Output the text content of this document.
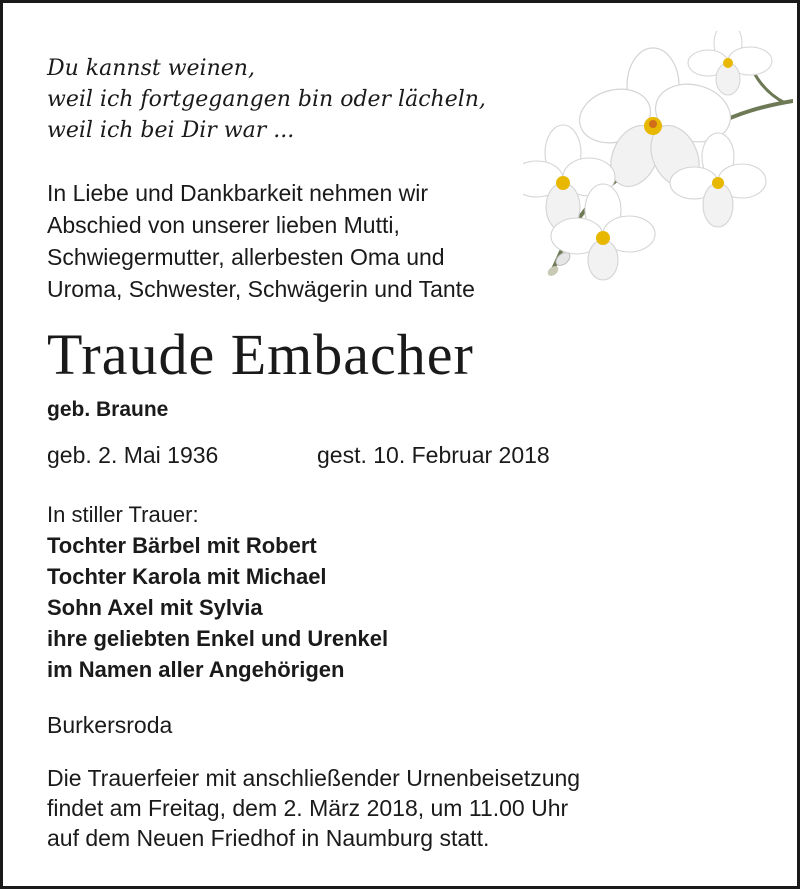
Du kannst weinen,
weil ich fortgegangen bin oder lächeln,
weil ich bei Dir war ...
In Liebe und Dankbarkeit nehmen wir
Abschied von unserer lieben Mutti,
Schwiegermutter, allerbesten Oma und
Uroma, Schwester, Schwägerin und Tante
Traude Embacher
geb. Braune
geb. 2. Mai 1936	gest. 10. Februar 2018
In stiller Trauer:
Tochter Bärbel mit Robert
Tochter Karola mit Michael
Sohn Axel mit Sylvia
ihre geliebten Enkel und Urenkel
im Namen aller Angehörigen
Burkersroda
Die Trauerfeier mit anschließender Urnenbeisetzung
findet am Freitag, dem 2. März 2018, um 11.00 Uhr
auf dem Neuen Friedhof in Naumburg statt.
